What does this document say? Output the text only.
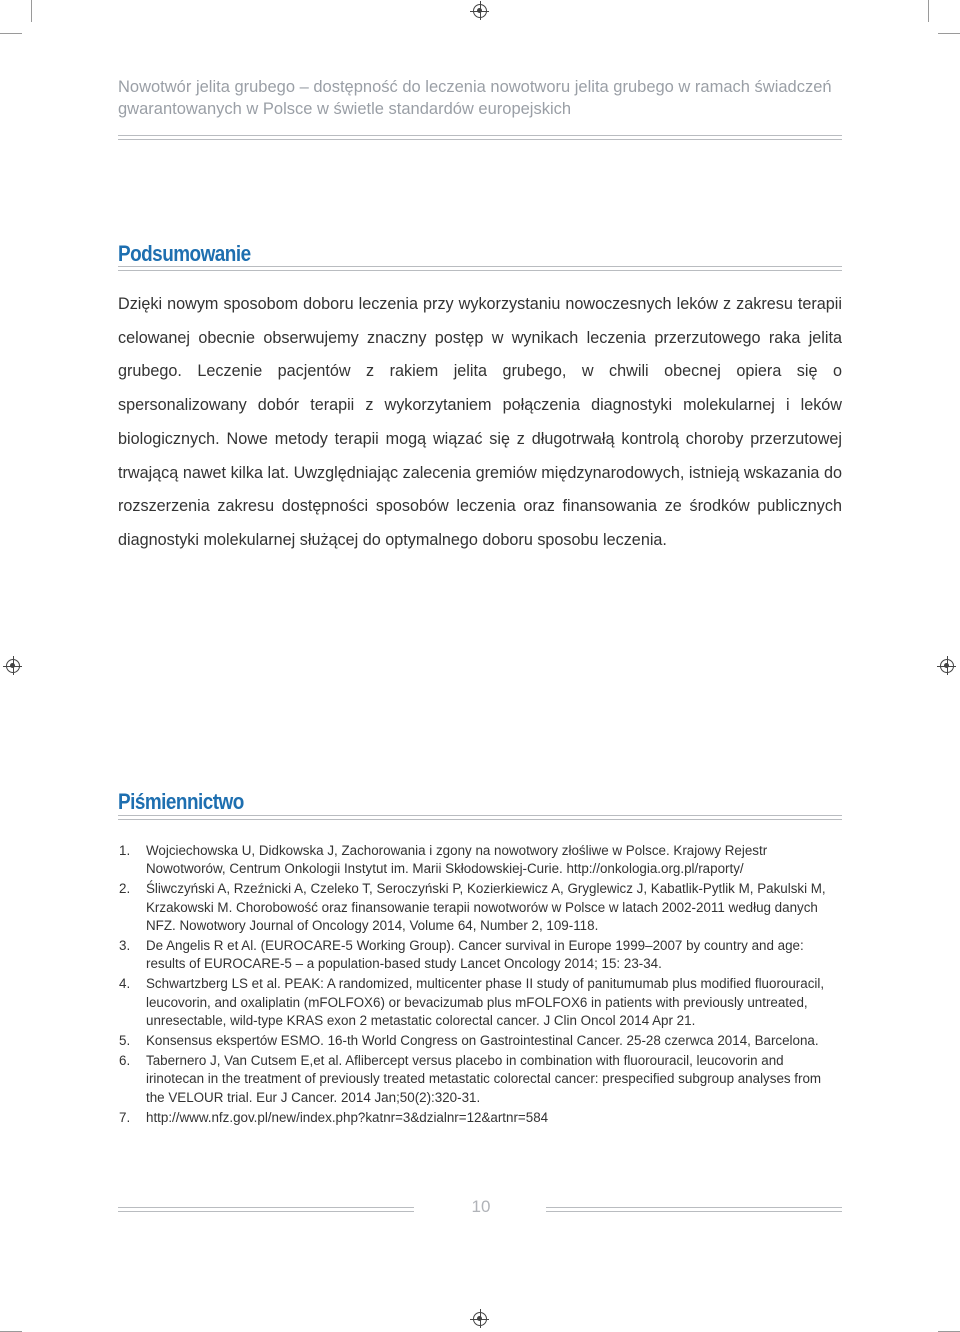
Nowotwór jelita grubego – dostępność do leczenia nowotworu jelita grubego w ramach świadczeń gwarantowanych w Polsce w świetle standardów europejskich
Podsumowanie

Dzięki nowym sposobom doboru leczenia przy wykorzystaniu nowoczesnych leków z zakresu terapii celowanej obecnie obserwujemy znaczny postęp w wynikach leczenia przerzutowego raka jelita grubego. Leczenie pacjentów z rakiem jelita grubego, w chwili obecnej opiera się o spersonalizowany dobór terapii z wykorzytaniem połączenia diagnostyki molekularnej i leków biologicznych. Nowe metody terapii mogą wiązać się z długotrwałą kontrolą choroby przerzutowej trwającą nawet kilka lat. Uwzględniając zalecenia gremiów międzynarodowych, istnieją wskazania do rozszerzenia zakresu dostępności sposobów leczenia oraz finansowania ze środków publicznych diagnostyki molekularnej służącej do optymalnego doboru sposobu leczenia.

Piśmiennictwo
1. Wojciechowska U, Didkowska J, Zachorowania i zgony na nowotwory złośliwe w Polsce. Krajowy Rejestr Nowotworów, Centrum Onkologii Instytut im. Marii Skłodowskiej-Curie. http://onkologia.org.pl/raporty/
2. Śliwczyński A, Rzeźnicki A, Czeleko T, Seroczyński P, Kozierkiewicz A, Gryglewicz J, Kabatlik-Pytlik M, Pakulski M, Krzakowski M. Chorobowość oraz finansowanie terapii nowotworów w Polsce w latach 2002-2011 według danych NFZ. Nowotwory Journal of Oncology 2014, Volume 64, Number 2, 109-118.
3. De Angelis R et Al. (EUROCARE-5 Working Group). Cancer survival in Europe 1999–2007 by country and age: results of EUROCARE-5 – a population-based study Lancet Oncology 2014; 15: 23-34.
4. Schwartzberg LS et al. PEAK: A randomized, multicenter phase II study of panitumumab plus modified fluorouracil, leucovorin, and oxaliplatin (mFOLFOX6) or bevacizumab plus mFOLFOX6 in patients with previously untreated, unresectable, wild-type KRAS exon 2 metastatic colorectal cancer. J Clin Oncol 2014 Apr 21.
5. Konsensus ekspertów ESMO. 16-th World Congress on Gastrointestinal Cancer. 25-28 czerwca 2014, Barcelona.
6. Tabernero J, Van Cutsem E,et al. Aflibercept versus placebo in combination with fluorouracil, leucovorin and irinotecan in the treatment of previously treated metastatic colorectal cancer: prespecified subgroup analyses from the VELOUR trial. Eur J Cancer. 2014 Jan;50(2):320-31.
7. http://www.nfz.gov.pl/new/index.php?katnr=3&dzialnr=12&artnr=584
10
